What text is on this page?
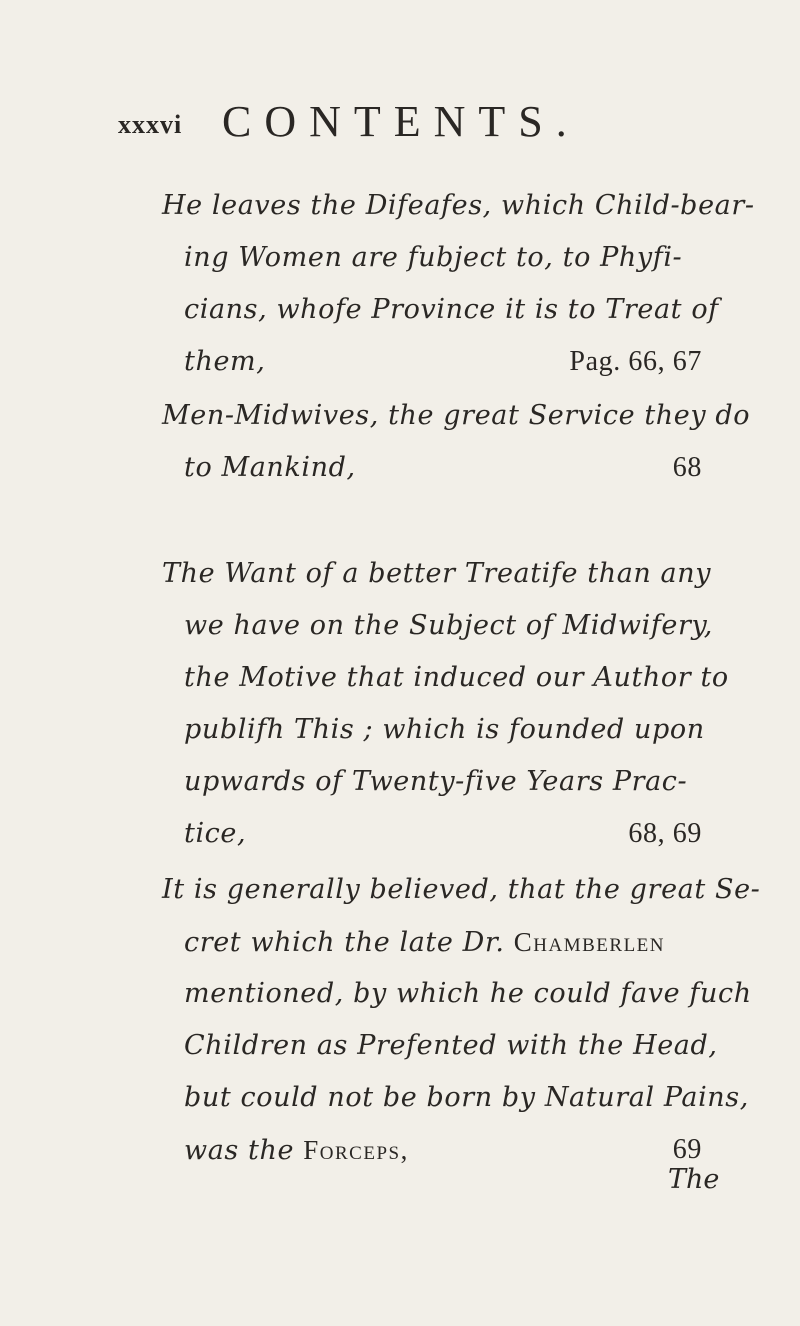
xxxvi CONTENTS.
He leaves the Difeafes, which Child-bear-
ing Women are fubject to, to Phyfi-
cians, whofe Province it is to Treat of
them,	Pag. 66, 67
Men-Midwives, the great Service they do
to Mankind,	68
The Want of a better Treatife than any
we have on the Subject of Midwifery,
the Motive that induced our Author to
publifh This ; which is founded upon
upwards of Twenty-five Years Prac-
tice,	68, 69
It is generally believed, that the great Se-
cret which the late Dr. Chamberlen
mentioned, by which he could fave fuch
Children as Prefented with the Head,
but could not be born by Natural Pains,
was the Forceps,	69
The
